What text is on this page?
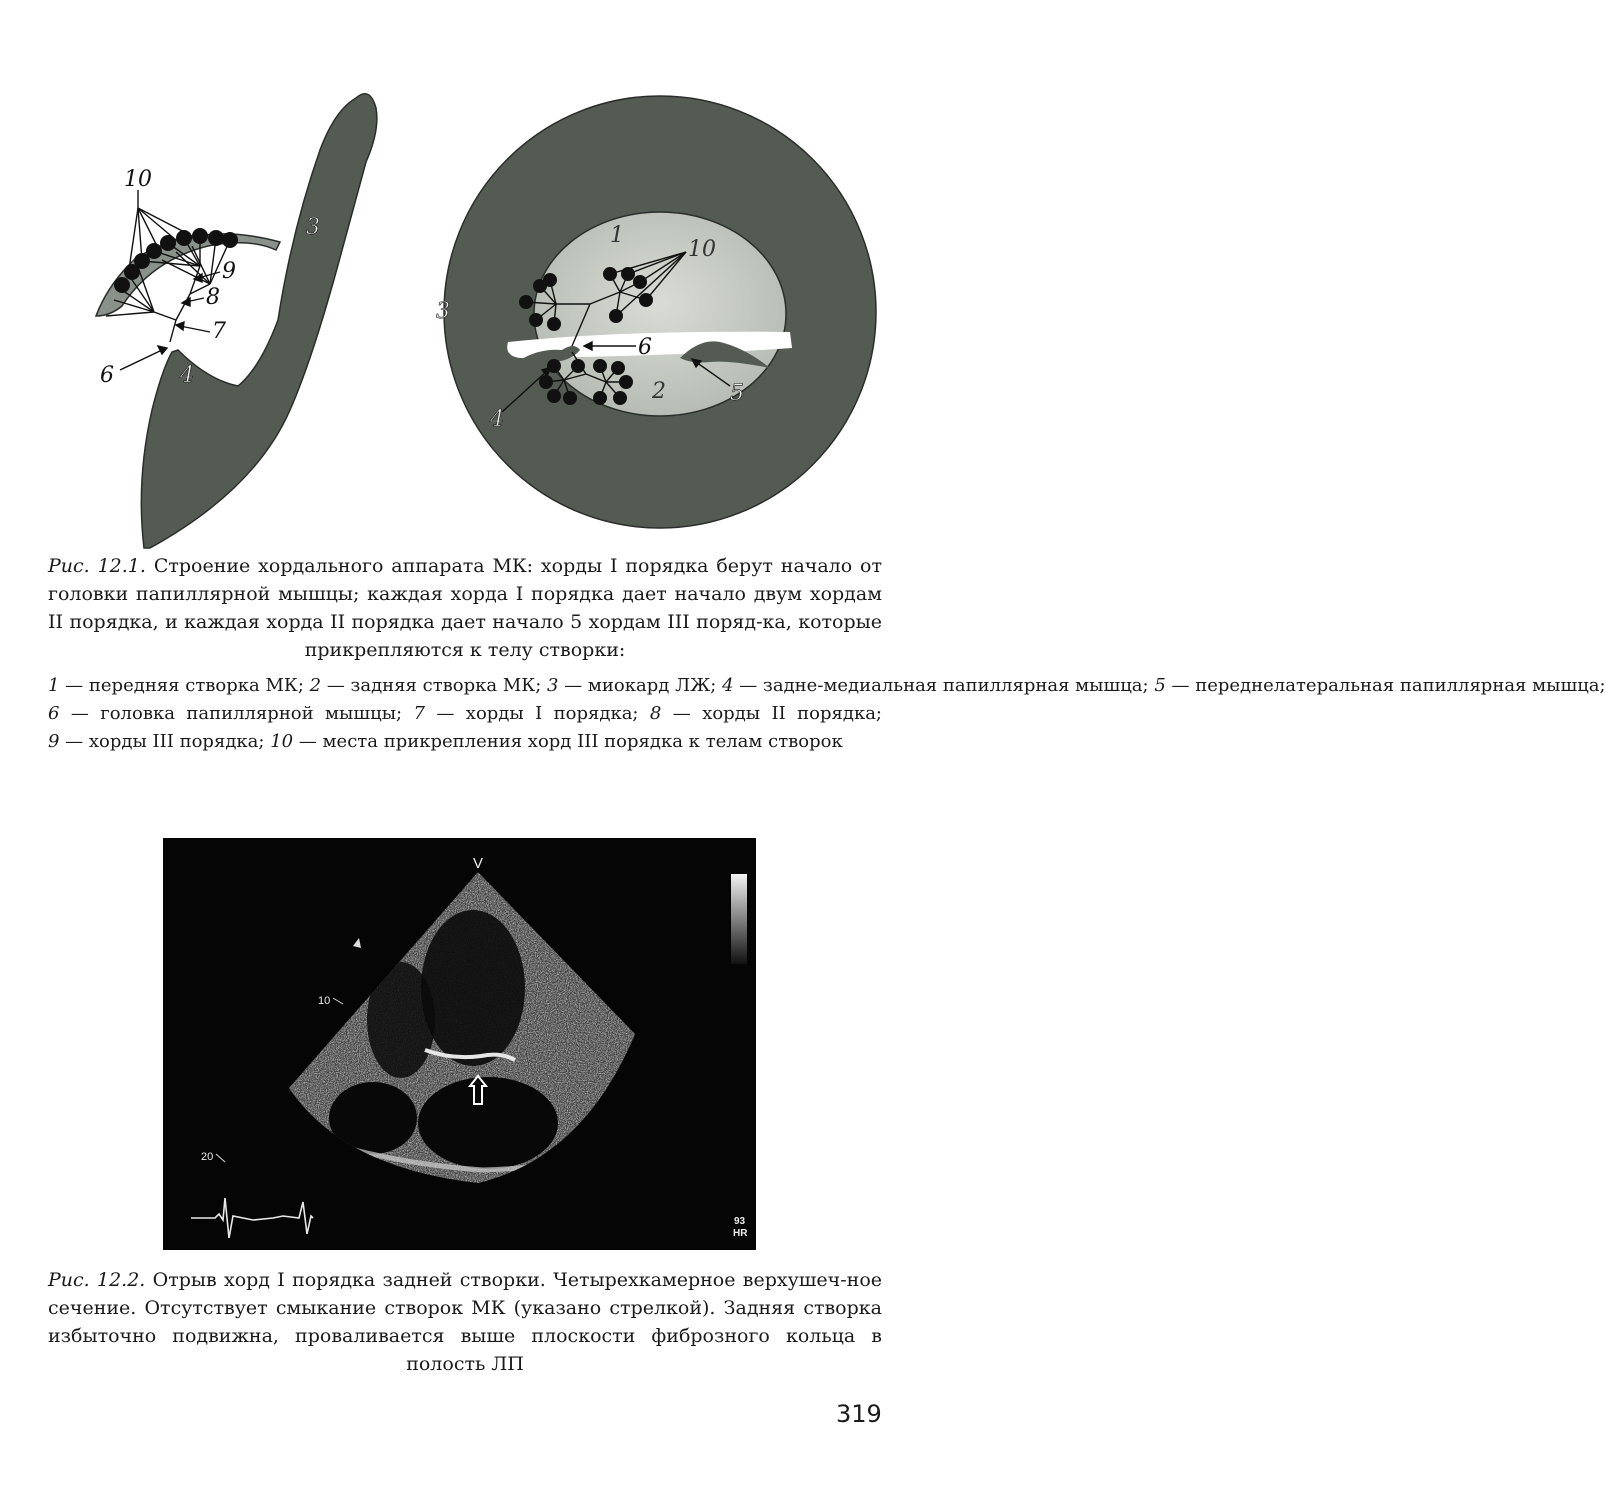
10
9
8
7
6	4
3	1
10
6
3
4
2	5

Рис. 12.1. Строение хордального аппарата МК: хорды I порядка берут начало от головки папиллярной мышцы; каждая хорда I порядка дает начало двум хордам II порядка, и каждая хорда II порядка дает начало 5 хордам III поряд-ка, которые прикрепляются к телу створки:

1 — передняя створка МК; 2 — задняя створка МК; 3 — миокард ЛЖ; 4 — задне-медиальная папиллярная мышца; 5 — переднелатеральная папиллярная мышца;
6 — головка папиллярной мышцы; 7 — хорды I порядка; 8 — хорды II порядка;
9 — хорды III порядка; 10 — места прикрепления хорд III порядка к телам створок
V
10
20
93
HR

Рис. 12.2. Отрыв хорд I порядка задней створки. Четырехкамерное верхушеч-ное сечение. Отсутствует смыкание створок МК (указано стрелкой). Задняя створка избыточно подвижна, проваливается выше плоскости фиброзного кольца в полость ЛП

319
